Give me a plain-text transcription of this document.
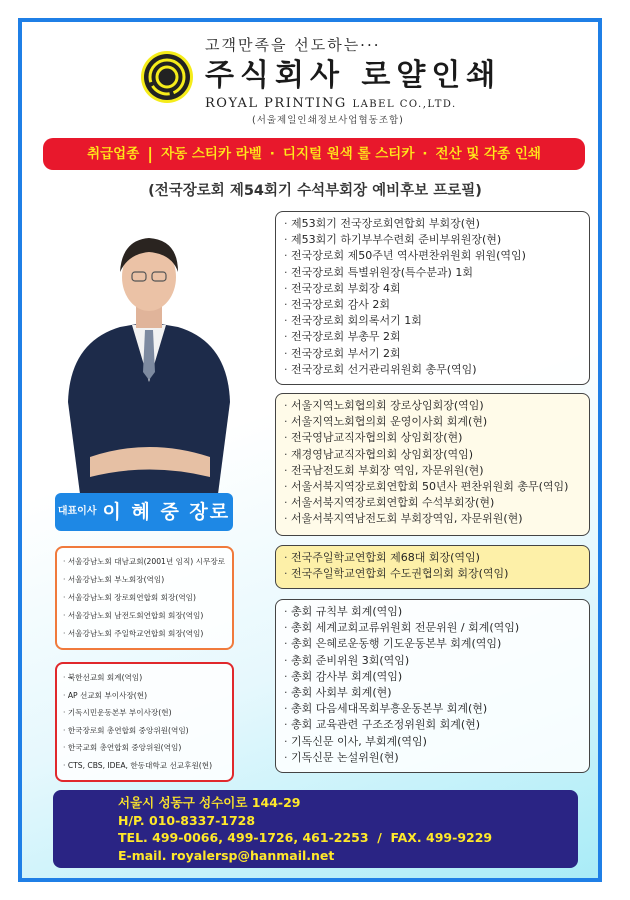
고객만족을 선도하는···
주식회사 로얄인쇄
ROYAL PRINTING LABEL CO.,LTD.
(서울제일인쇄정보사업협동조합)
취급업종 | 자동 스티카 라벨 · 디지털 원색 롤 스티카 · 전산 및 각종 인쇄
(전국장로회 제54회기 수석부회장 예비후보 프로필)
대표이사 이 혜 중 장로
· 제53회기 전국장로회연합회 부회장(현)
· 제53회기 하기부부수련회 준비부위원장(현)
· 전국장로회 제50주년 역사편찬위원회 위원(역임)
· 전국장로회 특별위원장(특수분과) 1회
· 전국장로회 부회장 4회
· 전국장로회 감사 2회
· 전국장로회 회의록서기 1회
· 전국장로회 부총무 2회
· 전국장로회 부서기 2회
· 전국장로회 선거관리위원회 총무(역임)
· 서울지역노회협의회 장로상임회장(역임)
· 서울지역노회협의회 운영이사회 회계(현)
· 전국영남교직자협의회 상임회장(현)
· 재경영남교직자협의회 상임회장(역임)
· 전국남전도회 부회장 역임, 자문위원(현)
· 서울서북지역장로회연합회 50년사 편찬위원회 총무(역임)
· 서울서북지역장로회연합회 수석부회장(현)
· 서울서북지역남전도회 부회장역임, 자문위원(현)
· 전국주일학교연합회 제68대 회장(역임)
· 전국주일학교연합회 수도권협의회 회장(역임)
· 총회 규칙부 회계(역임)
· 총회 세계교회교류위원회 전문위원 / 회계(역임)
· 총회 은혜로운동행 기도운동본부 회계(역임)
· 총회 준비위원 3회(역임)
· 총회 감사부 회계(역임)
· 총회 사회부 회계(현)
· 총회 다음세대목회부흥운동본부 회계(현)
· 총회 교육관련 구조조정위원회 회계(현)
· 기독신문 이사, 부회계(역임)
· 기독신문 논설위원(현)
· 서울강남노회 대남교회(2001년 임직) 시무장로
· 서울강남노회 부노회장(역임)
· 서울강남노회 장로회연합회 회장(역임)
· 서울강남노회 남전도회연합회 회장(역임)
· 서울강남노회 주일학교연합회 회장(역임)
· 북한선교회 회계(역임)
· AP 선교회 부이사장(현)
· 기독시민운동본부 부이사장(현)
· 한국장로회 총연합회 중앙위원(역임)
· 한국교회 총연합회 중앙위원(역임)
· CTS, CBS, IDEA, 한동대학교 선교후원(현)
서울시 성동구 성수이로 144-29
H/P. 010-8337-1728
TEL. 499-0066, 499-1726, 461-2253  /  FAX. 499-9229
E-mail. royalersp@hanmail.net
